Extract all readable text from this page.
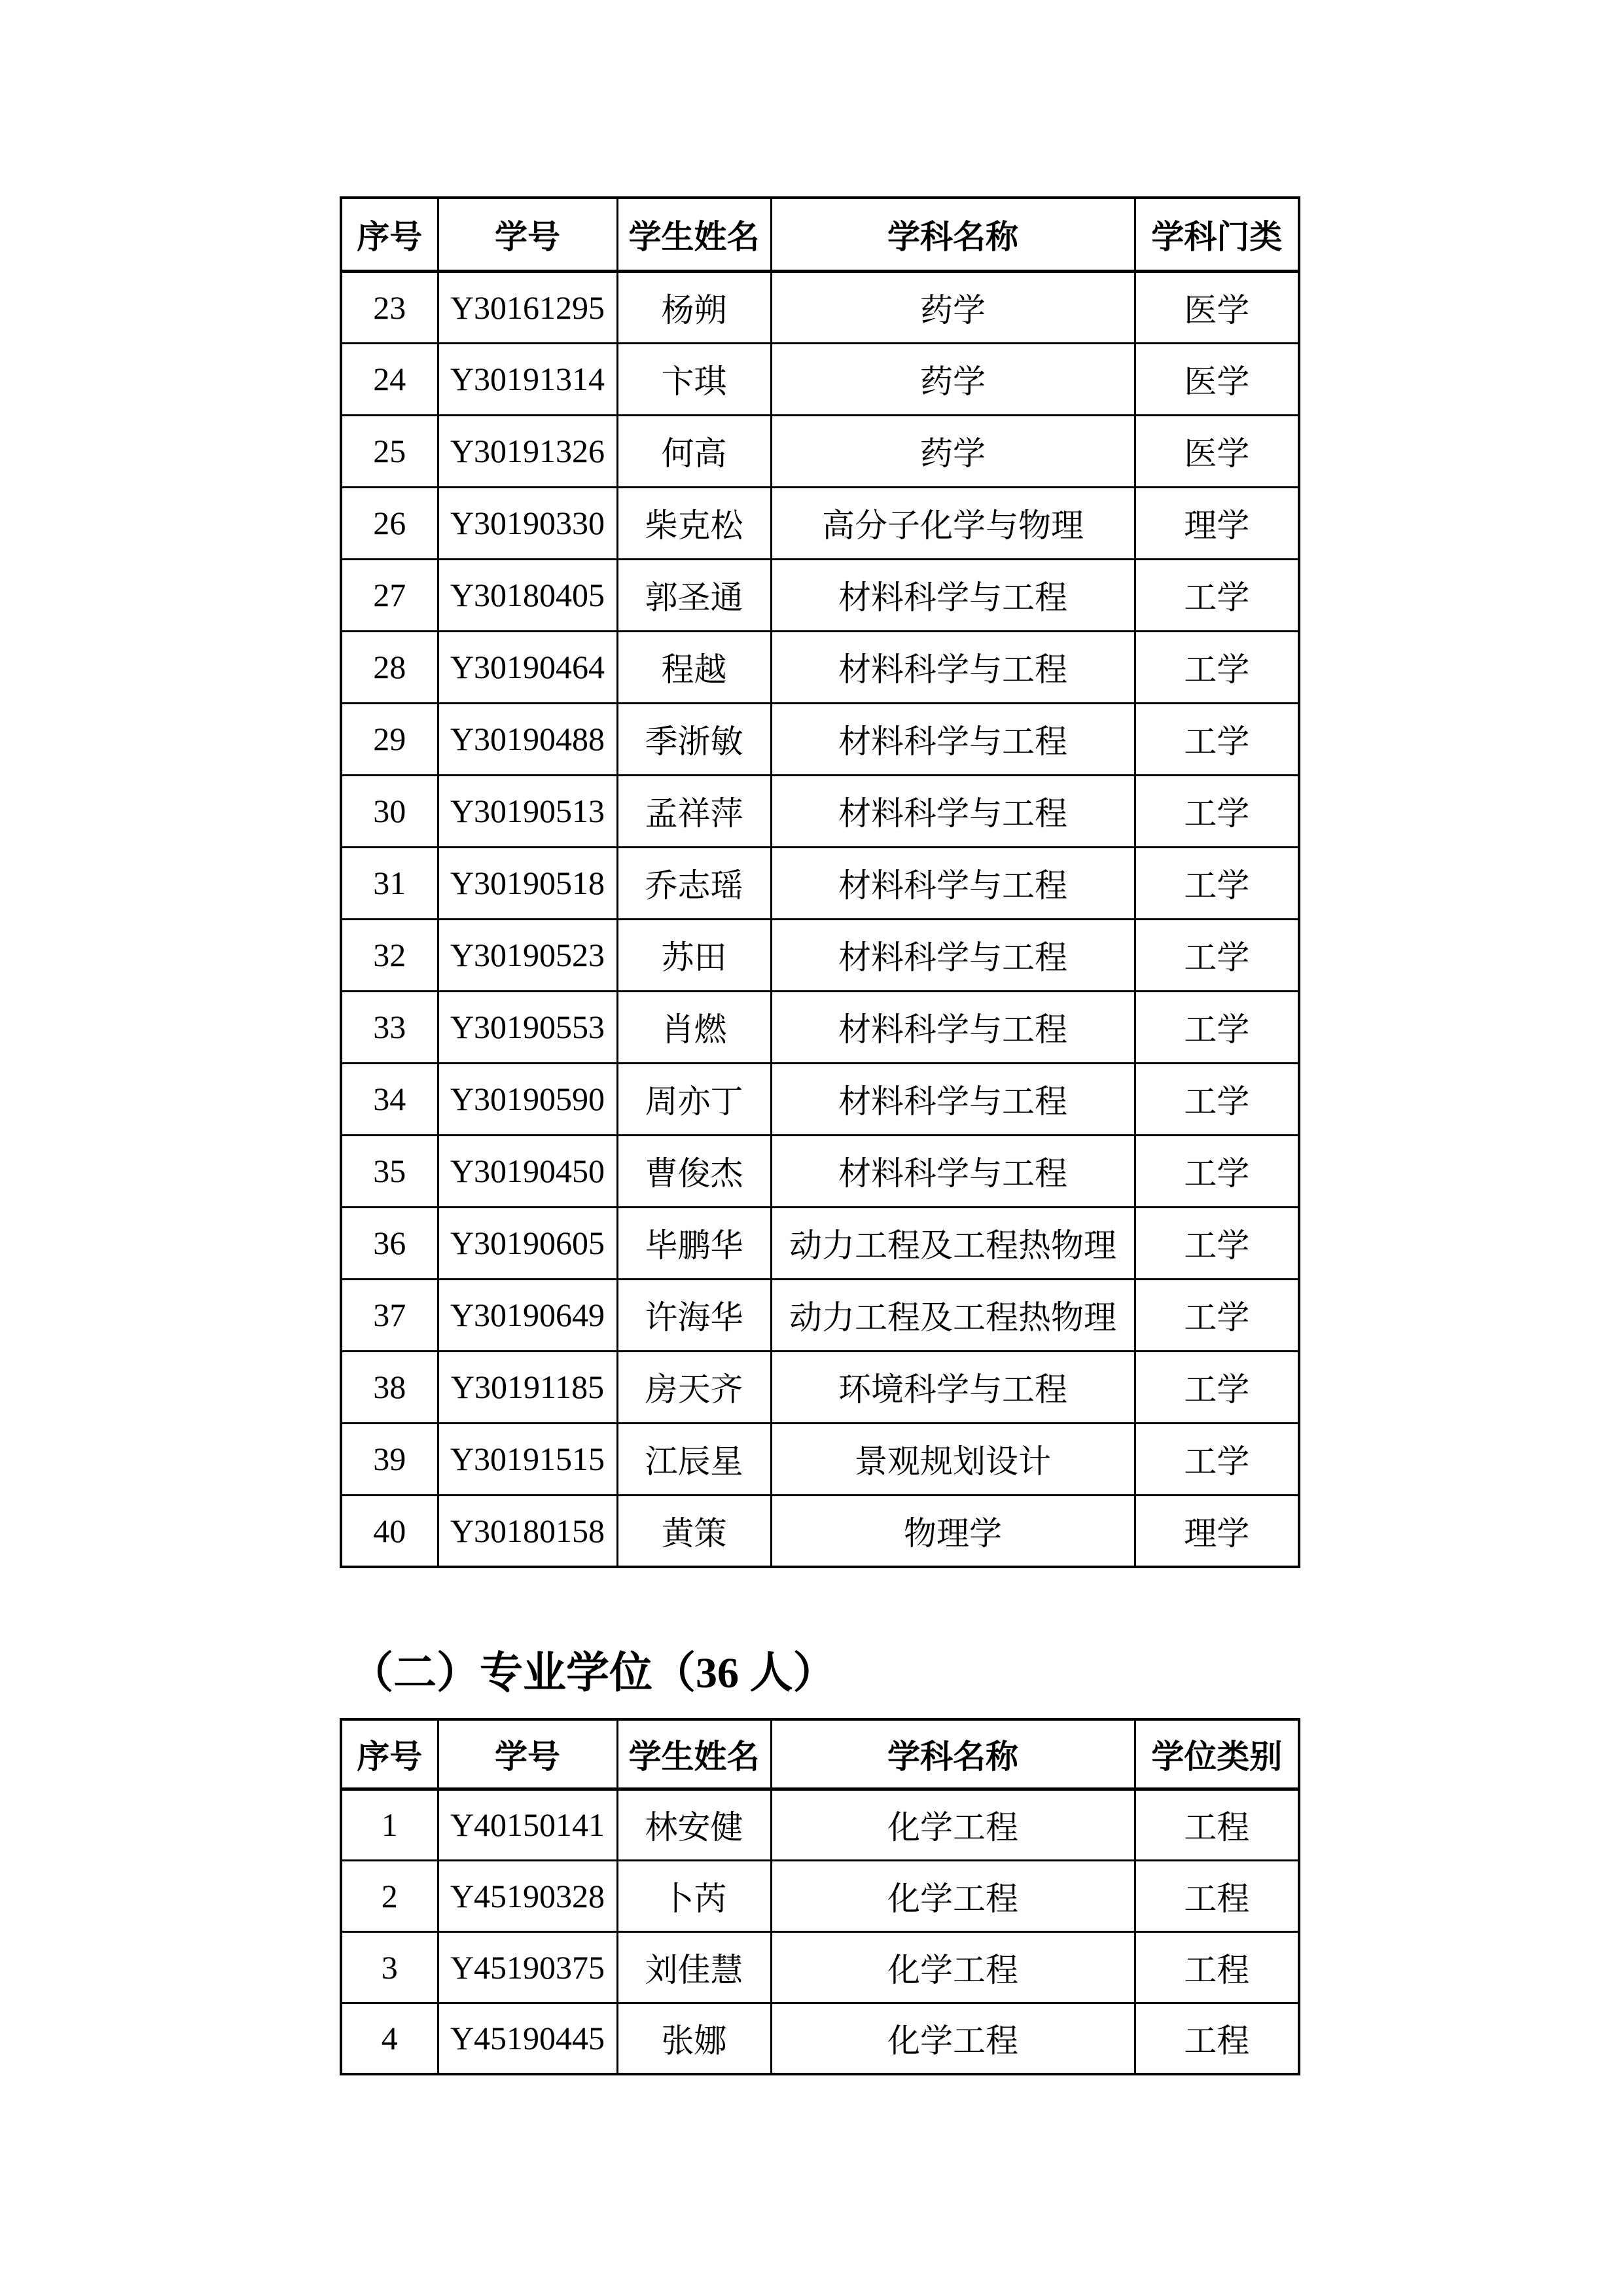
序号	学号	学生姓名	学科名称	学科门类
23	Y30161295	杨朔	药学	医学
24	Y30191314	卞琪	药学	医学
25	Y30191326	何高	药学	医学
26	Y30190330	柴克松	高分子化学与物理	理学
27	Y30180405	郭圣通	材料科学与工程	工学
28	Y30190464	程越	材料科学与工程	工学
29	Y30190488	季浙敏	材料科学与工程	工学
30	Y30190513	孟祥萍	材料科学与工程	工学
31	Y30190518	乔志瑶	材料科学与工程	工学
32	Y30190523	苏田	材料科学与工程	工学
33	Y30190553	肖燃	材料科学与工程	工学
34	Y30190590	周亦丁	材料科学与工程	工学
35	Y30190450	曹俊杰	材料科学与工程	工学
36	Y30190605	毕鹏华	动力工程及工程热物理	工学
37	Y30190649	许海华	动力工程及工程热物理	工学
38	Y30191185	房天齐	环境科学与工程	工学
39	Y30191515	江辰星	景观规划设计	工学
40	Y30180158	黄策	物理学	理学
（二）专业学位（36 人）
序号	学号	学生姓名	学科名称	学位类别
1	Y40150141	林安健	化学工程	工程
2	Y45190328	卜芮	化学工程	工程
3	Y45190375	刘佳慧	化学工程	工程
4	Y45190445	张娜	化学工程	工程
